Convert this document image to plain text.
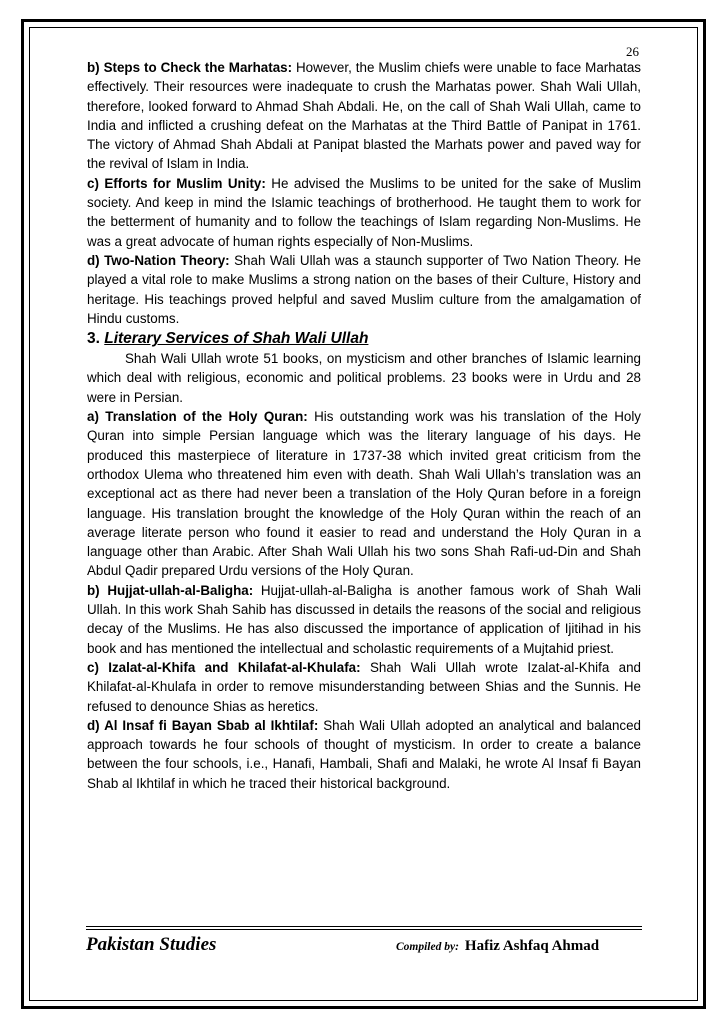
26

b) Steps to Check the Marhatas: However, the Muslim chiefs were unable to face Marhatas effectively. Their resources were inadequate to crush the Marhatas power. Shah Wali Ullah, therefore, looked forward to Ahmad Shah Abdali. He, on the call of Shah Wali Ullah, came to India and inflicted a crushing defeat on the Marhatas at the Third Battle of Panipat in 1761. The victory of Ahmad Shah Abdali at Panipat blasted the Marhats power and paved way for the revival of Islam in India.

c) Efforts for Muslim Unity: He advised the Muslims to be united for the sake of Muslim society. And keep in mind the Islamic teachings of brotherhood. He taught them to work for the betterment of humanity and to follow the teachings of Islam regarding Non-Muslims. He was a great advocate of human rights especially of Non-Muslims.

d) Two-Nation Theory: Shah Wali Ullah was a staunch supporter of Two Nation Theory. He played a vital role to make Muslims a strong nation on the bases of their Culture, History and heritage. His teachings proved helpful and saved Muslim culture from the amalgamation of Hindu customs.

3. Literary Services of Shah Wali Ullah

Shah Wali Ullah wrote 51 books, on mysticism and other branches of Islamic learning which deal with religious, economic and political problems. 23 books were in Urdu and 28 were in Persian.

a) Translation of the Holy Quran: His outstanding work was his translation of the Holy Quran into simple Persian language which was the literary language of his days. He produced this masterpiece of literature in 1737-38 which invited great criticism from the orthodox Ulema who threatened him even with death. Shah Wali Ullah’s translation was an exceptional act as there had never been a translation of the Holy Quran before in a foreign language. His translation brought the knowledge of the Holy Quran within the reach of an average literate person who found it easier to read and understand the Holy Quran in a language other than Arabic. After Shah Wali Ullah his two sons Shah Rafi-ud-Din and Shah Abdul Qadir prepared Urdu versions of the Holy Quran.

b) Hujjat-ullah-al-Baligha: Hujjat-ullah-al-Baligha is another famous work of Shah Wali Ullah. In this work Shah Sahib has discussed in details the reasons of the social and religious decay of the Muslims. He has also discussed the importance of application of Ijitihad in his book and has mentioned the intellectual and scholastic requirements of a Mujtahid priest.

c) Izalat-al-Khifa and Khilafat-al-Khulafa: Shah Wali Ullah wrote Izalat-al-Khifa and Khilafat-al-Khulafa in order to remove misunderstanding between Shias and the Sunnis. He refused to denounce Shias as heretics.

d) Al Insaf fi Bayan Sbab al Ikhtilaf: Shah Wali Ullah adopted an analytical and balanced approach towards he four schools of thought of mysticism. In order to create a balance between the four schools, i.e., Hanafi, Hambali, Shafi and Malaki, he wrote Al Insaf fi Bayan Shab al Ikhtilaf in which he traced their historical background.

Pakistan Studies	Compiled by: Hafiz Ashfaq Ahmad
